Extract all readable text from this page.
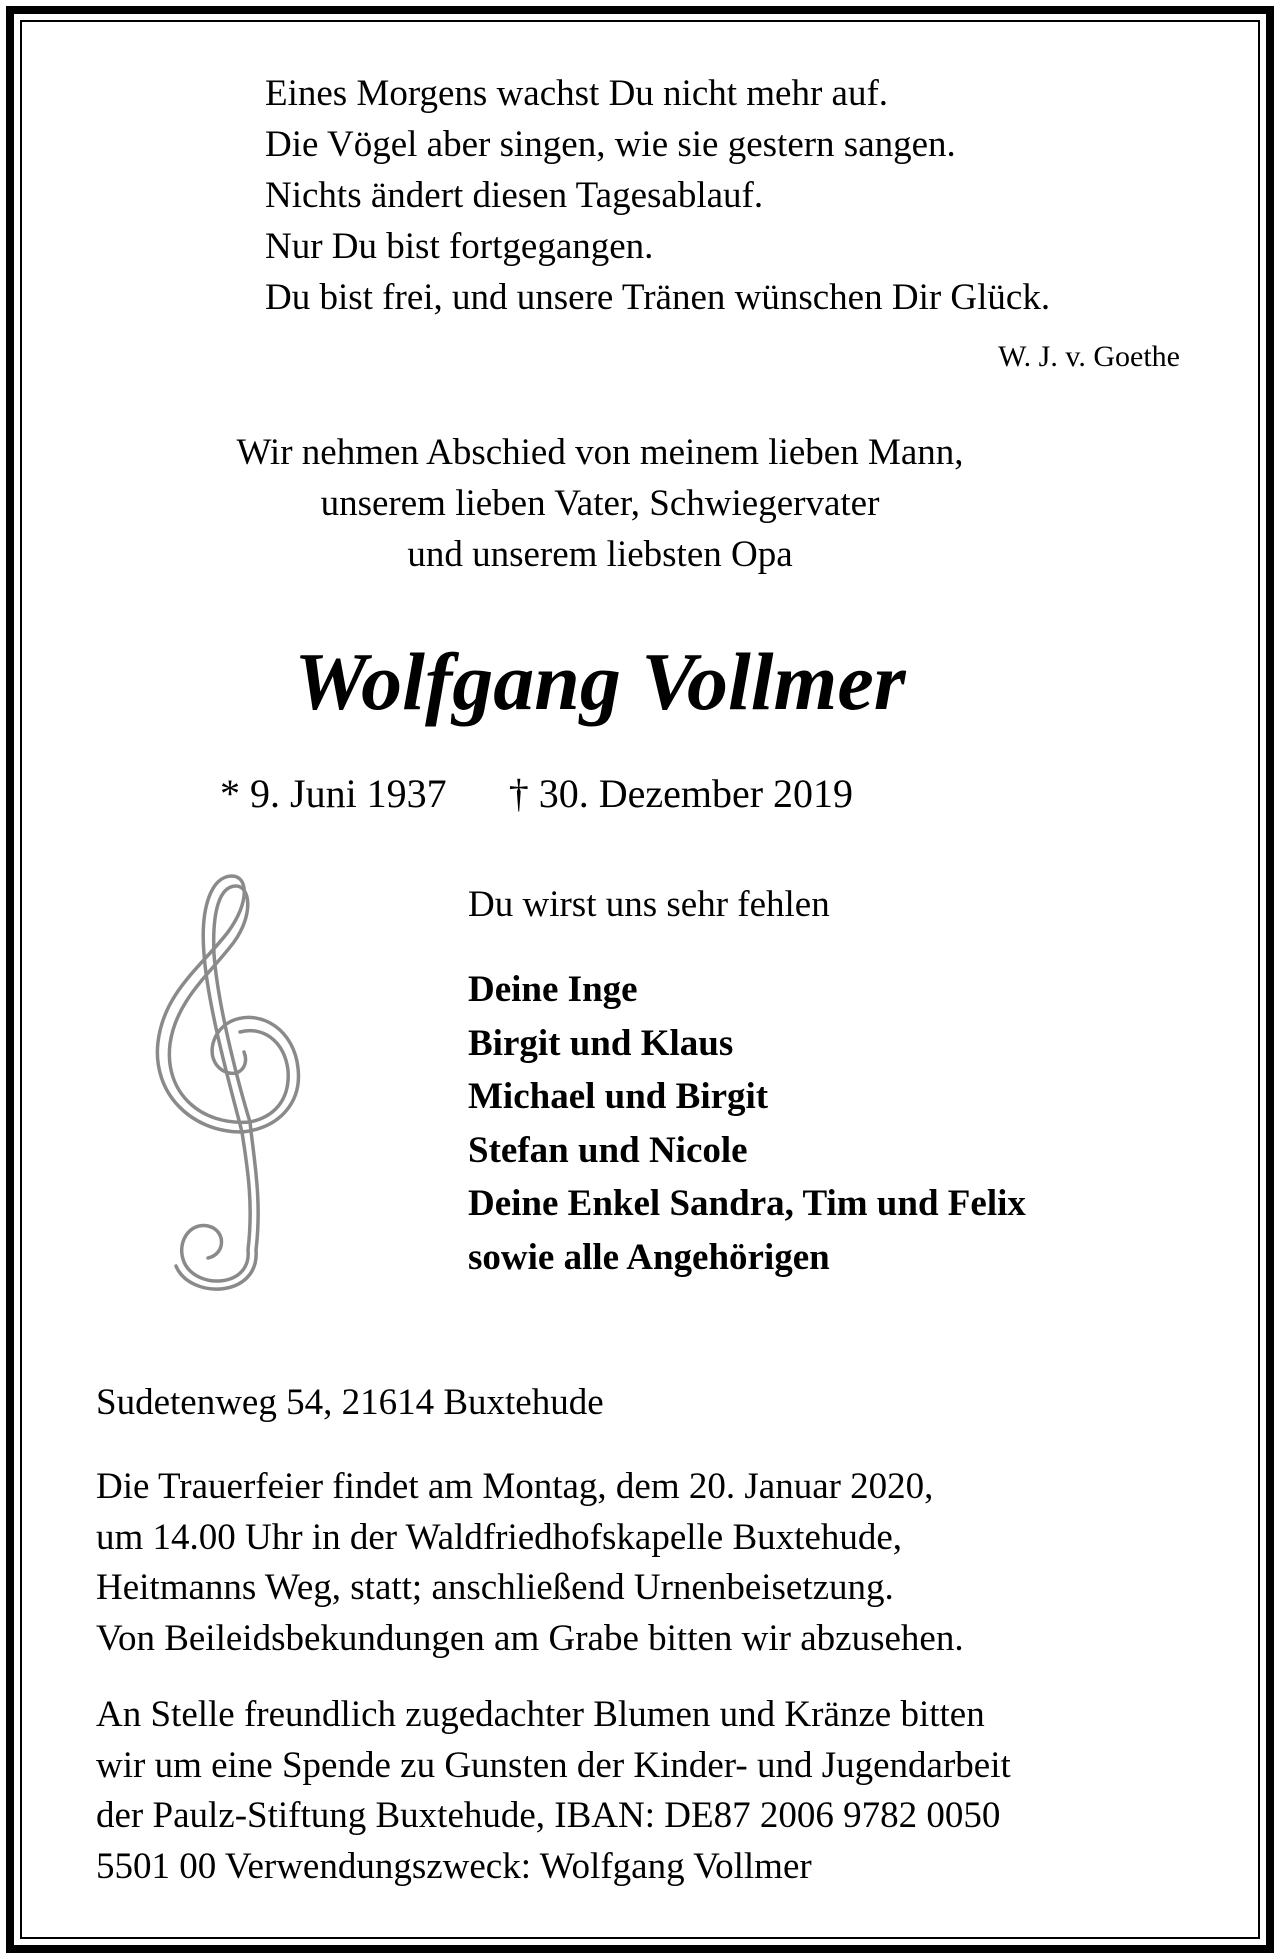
Eines Morgens wachst Du nicht mehr auf.
Die Vögel aber singen, wie sie gestern sangen.
Nichts ändert diesen Tagesablauf.
Nur Du bist fortgegangen.
Du bist frei, und unsere Tränen wünschen Dir Glück.
W. J. v. Goethe
Wir nehmen Abschied von meinem lieben Mann,
unserem lieben Vater, Schwiegervater
und unserem liebsten Opa
Wolfgang Vollmer
* 9. Juni 1937 † 30. Dezember 2019
Du wirst uns sehr fehlen
Deine Inge
Birgit und Klaus
Michael und Birgit
Stefan und Nicole
Deine Enkel Sandra, Tim und Felix
sowie alle Angehörigen
Sudetenweg 54, 21614 Buxtehude
Die Trauerfeier findet am Montag, dem 20. Januar 2020,
um 14.00 Uhr in der Waldfriedhofskapelle Buxtehude,
Heitmanns Weg, statt; anschließend Urnenbeisetzung.
Von Beileidsbekundungen am Grabe bitten wir abzusehen.
An Stelle freundlich zugedachter Blumen und Kränze bitten
wir um eine Spende zu Gunsten der Kinder- und Jugendarbeit
der Paulz-Stiftung Buxtehude, IBAN: DE87 2006 9782 0050
5501 00 Verwendungszweck: Wolfgang Vollmer
